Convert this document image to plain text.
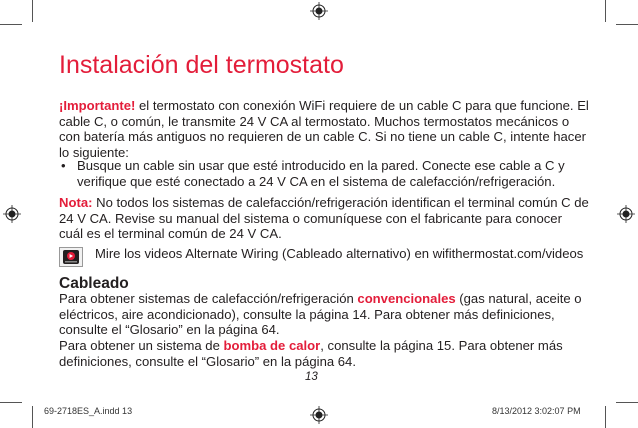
Instalación del termostato

¡Importante! el termostato con conexión WiFi requiere de un cable C para que funcione. El cable C, o común, le transmite 24 V CA al termostato. Muchos termostatos mecánicos o con batería más antiguos no requieren de un cable C. Si no tiene un cable C, intente hacer lo siguiente:

• Busque un cable sin usar que esté introducido en la pared. Conecte ese cable a C y verifique que esté conectado a 24 V CA en el sistema de calefacción/refrigeración.

Nota: No todos los sistemas de calefacción/refrigeración identifican el terminal común C de 24 V CA. Revise su manual del sistema o comuníquese con el fabricante para conocer cuál es el terminal común de 24 V CA.

Mire los videos Alternate Wiring (Cableado alternativo) en wifithermostat.com/videos
Cableado

Para obtener sistemas de calefacción/refrigeración convencionales (gas natural, aceite o eléctricos, aire acondicionado), consulte la página 14. Para obtener más definiciones, consulte el “Glosario” en la página 64.

Para obtener un sistema de bomba de calor, consulte la página 15. Para obtener más definiciones, consulte el “Glosario” en la página 64.

13
69-2718ES_A.indd 13	8/13/2012 3:02:07 PM
